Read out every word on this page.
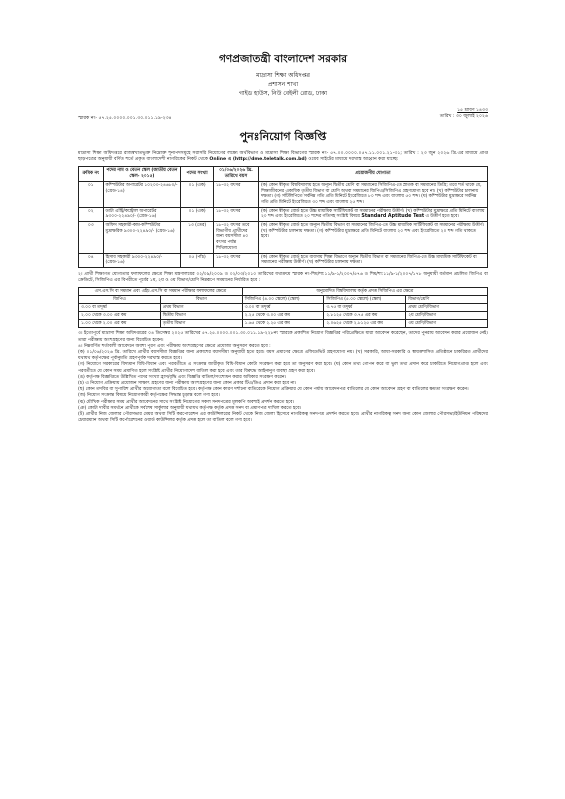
গণপ্রজাতন্ত্রী বাংলাদেশ সরকার
মাদ্রাসা শিক্ষা অধিদপ্তর
প্রশাসন শাখা
গাইড হাউস, নিউ বেইলী রোড, ঢাকা
স্মারক নং- ৫৭.২৫.০০০০.০০১.৩০.০১১.১৯-২৩৪
১৫ শ্রাবণ ১৪৩৩
তারিখ : ৩০ জুলাই ২০২৬
পুনঃনিয়োগ বিজ্ঞপ্তি
মাদ্রাসা শিক্ষা অধিদপ্তরে রাজস্বখাতভুক্ত নিম্নোক্ত শূন্যপদসমূহে সরাসরি নিয়োগের লক্ষ্যে অর্থবিভাগ ও মাদ্রাসা শিক্ষা বিভাগের স্মারক নং- ৫৭.০০.০০০০.০৫৭.১১.০০১.২১-৩১; তারিখ : ২৩ জুন ২০২৬ খ্রি.এর মাধ্যমে প্রাপ্ত ছাড়পত্রের অনুযায়ী বর্ণিত শর্তে প্রকৃত বাংলাদেশী নাগরিকের নিকট থেকে Online এ (http://dme.teletalk.com.bd) ওয়েব সাইটের মাধ্যমে দরখাস্ত আহ্বান করা যাচ্ছে:
ক্রমিক নং	পদের নাম ও বেতন স্কেল (জাতীয় বেতন স্কেল- ২০১৫)	পদের সংখ্যা	০১/০৬/২০২৬ খ্রি. তারিখে বয়স	প্রয়োজনীয় যোগ্যতা
০১	কম্পিউটার অপারেটর ১০২০০-২৪৬৮০/- (গ্রেড-১৪)	০১ (এক)	১৮-৩২ বৎসর	(ক) কোন স্বীকৃত বিশ্ববিদ্যালয় হতে অন্যূন দ্বিতীয় শ্রেণি বা সমমানের সিজিপিএ-তে স্নাতক বা সমমানের ডিগ্রি; তবে শর্ত থাকে যে, শিক্ষাজীবনের একাধিক তৃতীয় বিভাগ বা শ্রেণি অথবা সমমানের জিপিএ/সিজিপিএ গ্রহণযোগ্য হবে না। (খ) কম্পিউটার চালনায় দক্ষতা। (গ) সাঁটলিপিতে সর্বনিম্ন গতি প্রতি মিনিটে ইংরেজিতে ৮০ শব্দ এবং বাংলায় ৫০ শব্দ। (ঘ) কম্পিউটার মুদ্রাক্ষরে সর্বনিম্ন গতি প্রতি মিনিটে ইংরেজিতে ৩০ শব্দ এবং বাংলায় ২৫ শব্দ।
০২	ডাটা এন্ট্রি/কন্ট্রোল অপারেটর ৯৩০০-২২৪৯০/- (গ্রেড-১৬)	০১ (এক)	১৮-৩২ বৎসর	(ক) কোন স্বীকৃত বোর্ড হতে উচ্চ মাধ্যমিক সার্টিফিকেট বা সমমানের পরীক্ষায় উত্তীর্ণ। (খ) কম্পিউটার মুদ্রাক্ষরে প্রতি মিনিটে বাংলায় ২০ শব্দ এবং ইংরেজিতে ২০ শব্দের গতিসহ সংশ্লিষ্ট বিষয়ে Standard Aptitude Test এ উত্তীর্ণ হতে হবে।
০৩	অফিস সহকারী-কাম-কম্পিউটার মুদ্রাক্ষরিক ৯৩০০-২২৪৯০/- (গ্রেড-১৬)	১৩ (তের)	১৮-৩২ বৎসর তবে বিভাগীয় প্রার্থীদের জন্য বয়সসীমা ৪০ বৎসর পর্যন্ত শিথিলযোগ্য	(ক) কোন স্বীকৃত বোর্ড হতে অন্যূন দ্বিতীয় বিভাগ বা সমমানের জিপিএ-তে উচ্চ মাধ্যমিক সার্টিফিকেট বা সমমানের পরীক্ষায় উত্তীর্ণ। (খ) কম্পিউটার চালনায় দক্ষতা। (গ) কম্পিউটার মুদ্রাক্ষরে প্রতি মিনিটে বাংলায় ২০ শব্দ এবং ইংরেজিতে ২০ শব্দ গতি থাকতে হবে।
০৪	হিসাব সহকারী ৯৩০০-২২৪৯০/- (গ্রেড-১৬)	০৫ (পাঁচ)	১৮-৩২ বৎসর	(ক) কোন স্বীকৃত বোর্ড হতে ব্যবসায় শিক্ষা বিভাগে অন্যূন দ্বিতীয় বিভাগ বা সমমানের জিপিএ-তে উচ্চ মাধ্যমিক সার্টিফিকেট বা সমমানের পরীক্ষায় উত্তীর্ণ। (খ) কম্পিউটার চালনায় দক্ষতা।
২। প্রার্থী শিক্ষাগত যোগ্যতার ফলাফলের ক্ষেত্রে শিক্ষা মন্ত্রণালয়ের ০২/০৯/২০০৯ ও ০২/০৩/২০১০ তারিখের যথাক্রমে স্মারক নং-শিম/শা:১১/৯-১/২০০৭/৫৭৬ ও শিম/শা:১১/৯-১/২০০৭/১৭৮ অনুযায়ী বর্তমান প্রচলিত জিপিএ বা ক্রেডিটে, সিজিপিএ এর বিপরীতে পূর্বের ১ম, ২য় ও ৩য় বিভাগ/শ্রেণি নিম্নরূপে সমমানের নির্ধারিত হবে :
এস.এস.সি বা সমমান এবং এইচ.এস.সি বা সমমান পরীক্ষার ফলাফলের ক্ষেত্রে		অনুমোদিত বিশ্ববিদ্যালয় কর্তৃক প্রদত্ত সিজিপিএ এর ক্ষেত্রে		
জিপিএ	বিভাগ	সিজিপিএ (৪.০০ স্কেলে) (স্কেল)	সিজিপিএ (৫.০০ স্কেলে) (স্কেল)	বিভাগ/শ্রেণি
৩.০০ বা তদূর্ধ্ব	প্রথম বিভাগ	৩.০০ বা তদূর্ধ্ব	৩.৭৫ বা তদূর্ধ্ব	প্রথম শ্রেণি/বিভাগ
২.০০ থেকে ৩.০০ এর কম	দ্বিতীয় বিভাগ	২.২৫ থেকে ৩.০০ এর কম	২.৮১২৫ থেকে ৩.৭৫ এর কম	২য় শ্রেণি/বিভাগ
১.০০ থেকে ২.০০ এর কম	তৃতীয় বিভাগ	১.৬৫ থেকে ২.২৫ এর কম	২.০৬২৫ থেকে ২.৮১২৫ এর কম	৩য় শ্রেণি/বিভাগ

৩। ইতোপূর্বে মাদ্রাসা শিক্ষা অধিদপ্তরের ০৪ ডিসেম্বর ২০২৫ তারিখের ৫৭.২৫.০০০০.০০১.৩০.০১১.১৯-২২৮নং স্মারকে প্রকাশিত নিয়োগ বিজ্ঞপ্তির পরিপ্রেক্ষিতে যারা আবেদন করেছেন, তাদের পুনরায় আবেদন করার প্রয়োজন নেই। তারা পরীক্ষায় অংশগ্রহণের জন্য বিবেচিত হবেন।

৪। নিম্নবর্ণিত শর্তাবলী আবেদনে অবশ্য পূরণ এবং পরীক্ষায় অংশগ্রহণের ক্ষেত্রে প্রযোজ্য অনুসরণ করতে হবে :

(ক) ০১/০৬/২০২৬ খ্রি. তারিখে প্রার্থীর বয়সসীমা বিজ্ঞপ্তির জন্য প্রকাশের বয়সসীমা অনুযায়ী হতে হবে। বয়স প্রমাণের ক্ষেত্রে এফিডেভিট গ্রহণযোগ্য নয়। (খ) সরকারি, আধা-সরকারি ও স্বায়ত্তশাসিত প্রতিষ্ঠানে চাকরিরত প্রার্থীদের যথাযথ কর্তৃপক্ষের পূর্বানুমতি গ্রহণপূর্বক দরখাস্ত করতে হবে।

(গ) নিয়োগে সরকারের বিদ্যমান বিধি-বিধান এবং পরবর্তীতে এ সংক্রান্ত জারীকৃত বিধি-বিধান কোটা সংরক্ষণ করা হবে তা অনুসরণ করা হবে। (ঘ) কোন তথ্য গোপন করে বা ভুল তথ্য প্রদান করে চাকরিতে নিয়োগপ্রাপ্ত হলে এবং পরবর্তীতে যে কোন সময় প্রমাণিত হলে সংশ্লিষ্ট প্রার্থীর নিয়োগাদেশ বাতিল করা হবে এবং তার বিরুদ্ধে আইনানুগ ব্যবস্থা গ্রহণ করা হবে।

(ঙ) কর্তৃপক্ষ বিজ্ঞপ্তিতে উল্লিখিত পদের সংখ্যা হ্রাস/বৃদ্ধি এবং বিজ্ঞপ্তি বাতিল/সংশোধন করার অধিকার সংরক্ষণ করেন।

(চ) এ নিয়োগ প্রক্রিয়ায় প্রয়োজন সাক্ষাৎ গ্রহণের জন্য পরীক্ষায় অংশগ্রহণের জন্য কোন প্রকার টিএ/ডিএ প্রদান করা হবে না।

(ছ) কোন তদবির বা সুপারিশ প্রার্থীর অযোগ্যতা বলে বিবেচিত হবে। কর্তৃপক্ষ কোন কারণ দর্শানো ব্যতিরেকে নিয়োগ প্রক্রিয়ার যে কোন পর্যায় আবেদনপত্র বাতিলের যে কোন আবেদন গ্রহণ বা বাতিলের ক্ষমতা সংরক্ষণ করেন।

(জ) নিয়োগ সংক্রান্ত বিষয়ে নিয়োগকারী কর্তৃপক্ষের সিদ্ধান্ত চূড়ান্ত বলে গণ্য হবে।

(ঝ) মৌখিক পরীক্ষার সময় প্রার্থীর আবেদনের সাথে সংশ্লিষ্ট নিয়োগের সকল সনদপত্রের মূলকপি অবশ্যই প্রদর্শন করতে হবে।

(ঞ) কোটা দাবীর সমর্থনে প্রার্থীকে সর্বশেষ সার্কুলার অনুযায়ী যথাযথ কর্তৃপক্ষ কর্তৃক প্রদত্ত সনদ বা প্রমাণপত্র দাখিল করতে হবে।

(ট) প্রার্থীর নিজ জেলার পৌরসভার মেয়র অথবা সিটি করপোরেশন এর কাউন্সিলরের নিকট থেকে নিজ জেলা হিসেবে নাগরিকত্ব সনদপত্র প্রদর্শন করতে হবে। প্রার্থীর নাগরিকত্ব সনদ অন্য কোন জেলার পৌরসভা/ইউনিয়ন পরিষদের চেয়ারম্যান অথবা সিটি কর্পোরেশনের ওয়ার্ড কাউন্সিলর কর্তৃক প্রদত্ত হলে তা বাতিল বলে গণ্য হবে।
